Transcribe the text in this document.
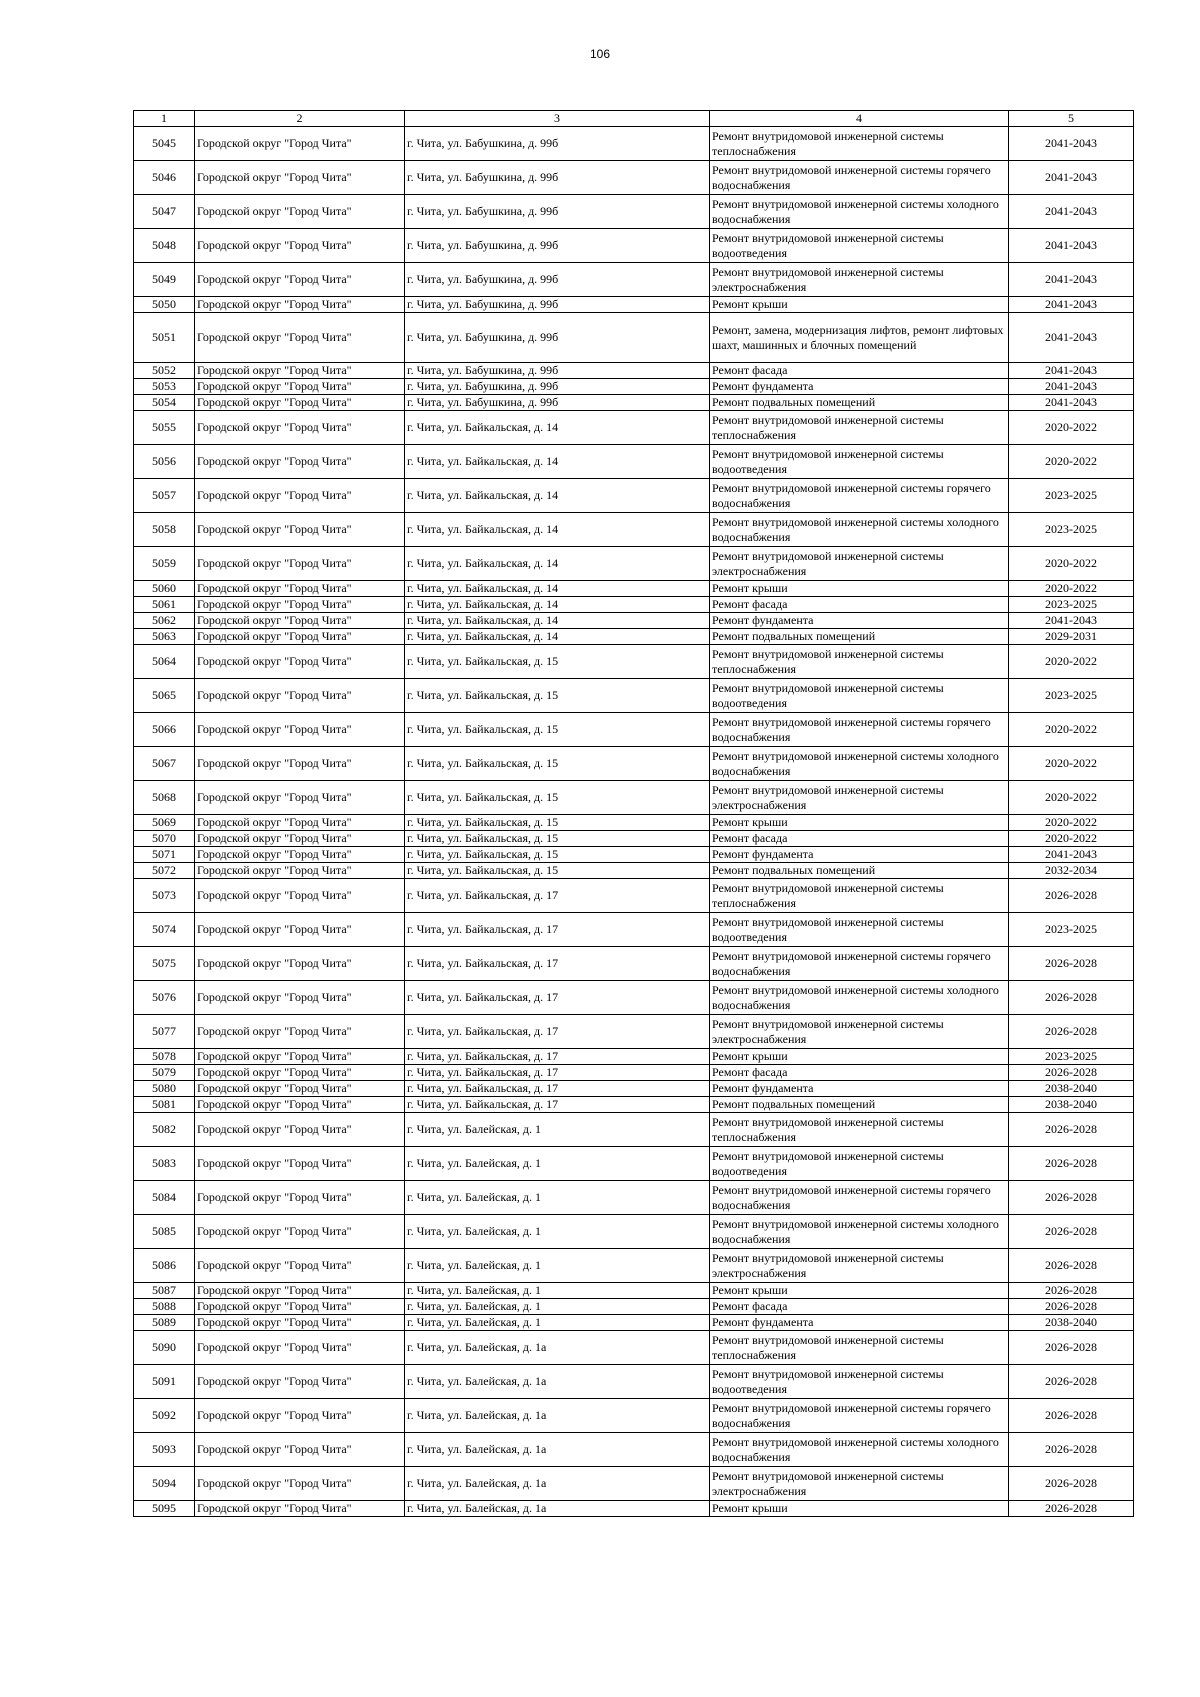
106
1	2	3	4	5
5045	Городской округ "Город Чита"	г. Чита, ул. Бабушкина, д. 99б	Ремонт внутридомовой инженерной системы теплоснабжения	2041-2043
5046	Городской округ "Город Чита"	г. Чита, ул. Бабушкина, д. 99б	Ремонт внутридомовой инженерной системы горячего водоснабжения	2041-2043
5047	Городской округ "Город Чита"	г. Чита, ул. Бабушкина, д. 99б	Ремонт внутридомовой инженерной системы холодного водоснабжения	2041-2043
5048	Городской округ "Город Чита"	г. Чита, ул. Бабушкина, д. 99б	Ремонт внутридомовой инженерной системы водоотведения	2041-2043
5049	Городской округ "Город Чита"	г. Чита, ул. Бабушкина, д. 99б	Ремонт внутридомовой инженерной системы электроснабжения	2041-2043
5050	Городской округ "Город Чита"	г. Чита, ул. Бабушкина, д. 99б	Ремонт крыши	2041-2043
5051	Городской округ "Город Чита"	г. Чита, ул. Бабушкина, д. 99б	Ремонт, замена, модернизация лифтов, ремонт лифтовых шахт, машинных и блочных помещений	2041-2043
5052	Городской округ "Город Чита"	г. Чита, ул. Бабушкина, д. 99б	Ремонт фасада	2041-2043
5053	Городской округ "Город Чита"	г. Чита, ул. Бабушкина, д. 99б	Ремонт фундамента	2041-2043
5054	Городской округ "Город Чита"	г. Чита, ул. Бабушкина, д. 99б	Ремонт подвальных помещений	2041-2043
5055	Городской округ "Город Чита"	г. Чита, ул. Байкальская, д. 14	Ремонт внутридомовой инженерной системы теплоснабжения	2020-2022
5056	Городской округ "Город Чита"	г. Чита, ул. Байкальская, д. 14	Ремонт внутридомовой инженерной системы водоотведения	2020-2022
5057	Городской округ "Город Чита"	г. Чита, ул. Байкальская, д. 14	Ремонт внутридомовой инженерной системы горячего водоснабжения	2023-2025
5058	Городской округ "Город Чита"	г. Чита, ул. Байкальская, д. 14	Ремонт внутридомовой инженерной системы холодного водоснабжения	2023-2025
5059	Городской округ "Город Чита"	г. Чита, ул. Байкальская, д. 14	Ремонт внутридомовой инженерной системы электроснабжения	2020-2022
5060	Городской округ "Город Чита"	г. Чита, ул. Байкальская, д. 14	Ремонт крыши	2020-2022
5061	Городской округ "Город Чита"	г. Чита, ул. Байкальская, д. 14	Ремонт фасада	2023-2025
5062	Городской округ "Город Чита"	г. Чита, ул. Байкальская, д. 14	Ремонт фундамента	2041-2043
5063	Городской округ "Город Чита"	г. Чита, ул. Байкальская, д. 14	Ремонт подвальных помещений	2029-2031
5064	Городской округ "Город Чита"	г. Чита, ул. Байкальская, д. 15	Ремонт внутридомовой инженерной системы теплоснабжения	2020-2022
5065	Городской округ "Город Чита"	г. Чита, ул. Байкальская, д. 15	Ремонт внутридомовой инженерной системы водоотведения	2023-2025
5066	Городской округ "Город Чита"	г. Чита, ул. Байкальская, д. 15	Ремонт внутридомовой инженерной системы горячего водоснабжения	2020-2022
5067	Городской округ "Город Чита"	г. Чита, ул. Байкальская, д. 15	Ремонт внутридомовой инженерной системы холодного водоснабжения	2020-2022
5068	Городской округ "Город Чита"	г. Чита, ул. Байкальская, д. 15	Ремонт внутридомовой инженерной системы электроснабжения	2020-2022
5069	Городской округ "Город Чита"	г. Чита, ул. Байкальская, д. 15	Ремонт крыши	2020-2022
5070	Городской округ "Город Чита"	г. Чита, ул. Байкальская, д. 15	Ремонт фасада	2020-2022
5071	Городской округ "Город Чита"	г. Чита, ул. Байкальская, д. 15	Ремонт фундамента	2041-2043
5072	Городской округ "Город Чита"	г. Чита, ул. Байкальская, д. 15	Ремонт подвальных помещений	2032-2034
5073	Городской округ "Город Чита"	г. Чита, ул. Байкальская, д. 17	Ремонт внутридомовой инженерной системы теплоснабжения	2026-2028
5074	Городской округ "Город Чита"	г. Чита, ул. Байкальская, д. 17	Ремонт внутридомовой инженерной системы водоотведения	2023-2025
5075	Городской округ "Город Чита"	г. Чита, ул. Байкальская, д. 17	Ремонт внутридомовой инженерной системы горячего водоснабжения	2026-2028
5076	Городской округ "Город Чита"	г. Чита, ул. Байкальская, д. 17	Ремонт внутридомовой инженерной системы холодного водоснабжения	2026-2028
5077	Городской округ "Город Чита"	г. Чита, ул. Байкальская, д. 17	Ремонт внутридомовой инженерной системы электроснабжения	2026-2028
5078	Городской округ "Город Чита"	г. Чита, ул. Байкальская, д. 17	Ремонт крыши	2023-2025
5079	Городской округ "Город Чита"	г. Чита, ул. Байкальская, д. 17	Ремонт фасада	2026-2028
5080	Городской округ "Город Чита"	г. Чита, ул. Байкальская, д. 17	Ремонт фундамента	2038-2040
5081	Городской округ "Город Чита"	г. Чита, ул. Байкальская, д. 17	Ремонт подвальных помещений	2038-2040
5082	Городской округ "Город Чита"	г. Чита, ул. Балейская, д. 1	Ремонт внутридомовой инженерной системы теплоснабжения	2026-2028
5083	Городской округ "Город Чита"	г. Чита, ул. Балейская, д. 1	Ремонт внутридомовой инженерной системы водоотведения	2026-2028
5084	Городской округ "Город Чита"	г. Чита, ул. Балейская, д. 1	Ремонт внутридомовой инженерной системы горячего водоснабжения	2026-2028
5085	Городской округ "Город Чита"	г. Чита, ул. Балейская, д. 1	Ремонт внутридомовой инженерной системы холодного водоснабжения	2026-2028
5086	Городской округ "Город Чита"	г. Чита, ул. Балейская, д. 1	Ремонт внутридомовой инженерной системы электроснабжения	2026-2028
5087	Городской округ "Город Чита"	г. Чита, ул. Балейская, д. 1	Ремонт крыши	2026-2028
5088	Городской округ "Город Чита"	г. Чита, ул. Балейская, д. 1	Ремонт фасада	2026-2028
5089	Городской округ "Город Чита"	г. Чита, ул. Балейская, д. 1	Ремонт фундамента	2038-2040
5090	Городской округ "Город Чита"	г. Чита, ул. Балейская, д. 1а	Ремонт внутридомовой инженерной системы теплоснабжения	2026-2028
5091	Городской округ "Город Чита"	г. Чита, ул. Балейская, д. 1а	Ремонт внутридомовой инженерной системы водоотведения	2026-2028
5092	Городской округ "Город Чита"	г. Чита, ул. Балейская, д. 1а	Ремонт внутридомовой инженерной системы горячего водоснабжения	2026-2028
5093	Городской округ "Город Чита"	г. Чита, ул. Балейская, д. 1а	Ремонт внутридомовой инженерной системы холодного водоснабжения	2026-2028
5094	Городской округ "Город Чита"	г. Чита, ул. Балейская, д. 1а	Ремонт внутридомовой инженерной системы электроснабжения	2026-2028
5095	Городской округ "Город Чита"	г. Чита, ул. Балейская, д. 1а	Ремонт крыши	2026-2028
